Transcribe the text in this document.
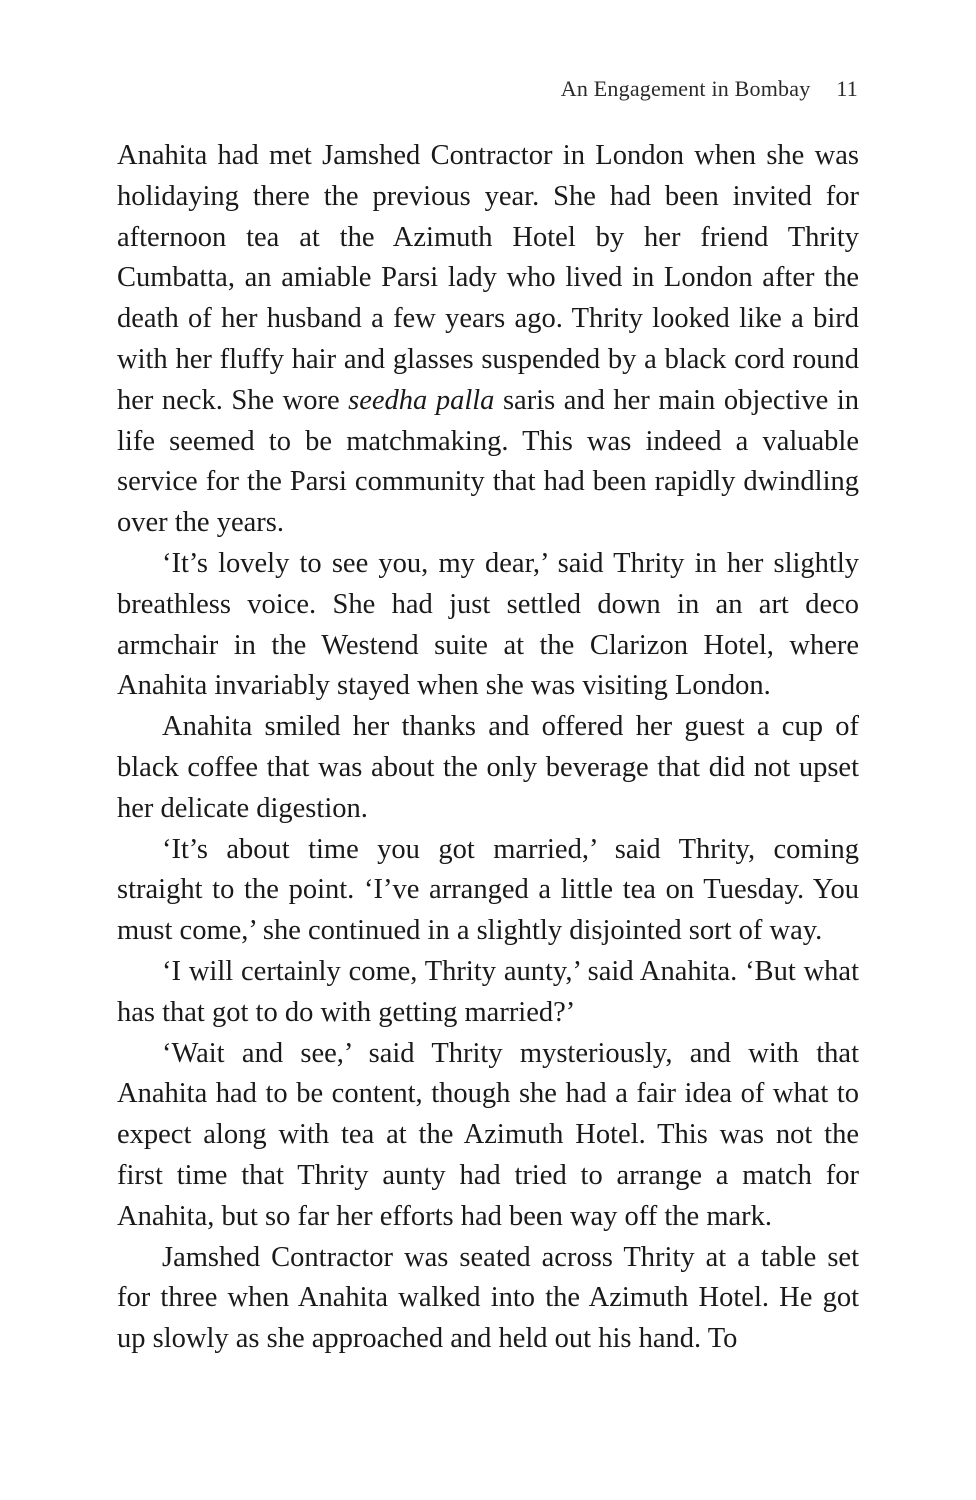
An Engagement in Bombay 11

Anahita had met Jamshed Contractor in London when she was holidaying there the previous year. She had been invited for afternoon tea at the Azimuth Hotel by her friend Thrity Cumbatta, an amiable Parsi lady who lived in London after the death of her husband a few years ago. Thrity looked like a bird with her fluffy hair and glasses suspended by a black cord round her neck. She wore seedha palla saris and her main objective in life seemed to be matchmaking. This was indeed a valuable service for the Parsi community that had been rapidly dwindling over the years.

‘It’s lovely to see you, my dear,’ said Thrity in her slightly breathless voice. She had just settled down in an art deco armchair in the Westend suite at the Clarizon Hotel, where Anahita invariably stayed when she was visiting London.

Anahita smiled her thanks and offered her guest a cup of black coffee that was about the only beverage that did not upset her delicate digestion.

‘It’s about time you got married,’ said Thrity, coming straight to the point. ‘I’ve arranged a little tea on Tuesday. You must come,’ she continued in a slightly disjointed sort of way.

‘I will certainly come, Thrity aunty,’ said Anahita. ‘But what has that got to do with getting married?’

‘Wait and see,’ said Thrity mysteriously, and with that Anahita had to be content, though she had a fair idea of what to expect along with tea at the Azimuth Hotel. This was not the first time that Thrity aunty had tried to arrange a match for Anahita, but so far her efforts had been way off the mark.

Jamshed Contractor was seated across Thrity at a table set for three when Anahita walked into the Azimuth Hotel. He got up slowly as she approached and held out his hand. To
